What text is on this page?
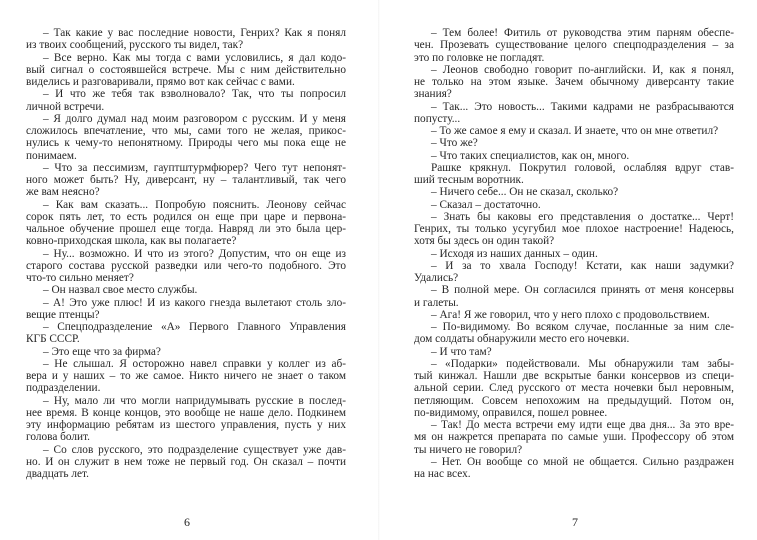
– Так какие у вас последние новости, Генрих? Как я понял
из твоих сообщений, русского ты видел, так?
– Все верно. Как мы тогда с вами условились, я дал кодо-
вый сигнал о состоявшейся встрече. Мы с ним действительно
виделись и разговаривали, прямо вот как сейчас с вами.
– И что же тебя так взволновало? Так, что ты попросил
личной встречи.
– Я долго думал над моим разговором с русским. И у меня
сложилось впечатление, что мы, сами того не желая, прикос-
нулись к чему-то непонятному. Природы чего мы пока еще не
понимаем.
– Что за пессимизм, гауптштурмфюрер? Чего тут непонят-
ного может быть? Ну, диверсант, ну – талантливый, так чего
же вам неясно?
– Как вам сказать... Попробую пояснить. Леонову сейчас
сорок пять лет, то есть родился он еще при царе и первона-
чальное обучение прошел еще тогда. Навряд ли это была цер-
ковно-приходская школа, как вы полагаете?
– Ну... возможно. И что из этого? Допустим, что он еще из
старого состава русской разведки или чего-то подобного. Это
что-то сильно меняет?
– Он назвал свое место службы.
– А! Это уже плюс! И из какого гнезда вылетают столь зло-
вещие птенцы?
– Спецподразделение «А» Первого Главного Управления
КГБ СССР.
– Это еще что за фирма?
– Не слышал. Я осторожно навел справки у коллег из аб-
вера и у наших – то же самое. Никто ничего не знает о таком
подразделении.
– Ну, мало ли что могли напридумывать русские в послед-
нее время. В конце концов, это вообще не наше дело. Подкинем
эту информацию ребятам из шестого управления, пусть у них
голова болит.
– Со слов русского, это подразделение существует уже дав-
но. И он служит в нем тоже не первый год. Он сказал – почти
двадцать лет.
– Тем более! Фитиль от руководства этим парням обеспе-
чен. Прозевать существование целого спецподразделения – за
это по головке не погладят.
– Леонов свободно говорит по-английски. И, как я понял,
не только на этом языке. Зачем обычному диверсанту такие
знания?
– Так... Это новость... Такими кадрами не разбрасываются
попусту...
– То же самое я ему и сказал. И знаете, что он мне ответил?
– Что же?
– Что таких специалистов, как он, много.
Рашке крякнул. Покрутил головой, ослабляя вдруг став-
ший тесным воротник.
– Ничего себе... Он не сказал, сколько?
– Сказал – достаточно.
– Знать бы каковы его представления о достатке... Черт!
Генрих, ты только усугубил мое плохое настроение! Надеюсь,
хотя бы здесь он один такой?
– Исходя из наших данных – один.
– И за то хвала Господу! Кстати, как наши задумки?
Удались?
– В полной мере. Он согласился принять от меня консервы
и галеты.
– Ага! Я же говорил, что у него плохо с продовольствием.
– По-видимому. Во всяком случае, посланные за ним сле-
дом солдаты обнаружили место его ночевки.
– И что там?
– «Подарки» подействовали. Мы обнаружили там забы-
тый кинжал. Нашли две вскрытые банки консервов из специ-
альной серии. След русского от места ночевки был неровным,
петляющим. Совсем непохожим на предыдущий. Потом он,
по-видимому, оправился, пошел ровнее.
– Так! До места встречи ему идти еще два дня... За это вре-
мя он нажрется препарата по самые уши. Профессору об этом
ты ничего не говорил?
– Нет. Он вообще со мной не общается. Сильно раздражен
на нас всех.
6	7
